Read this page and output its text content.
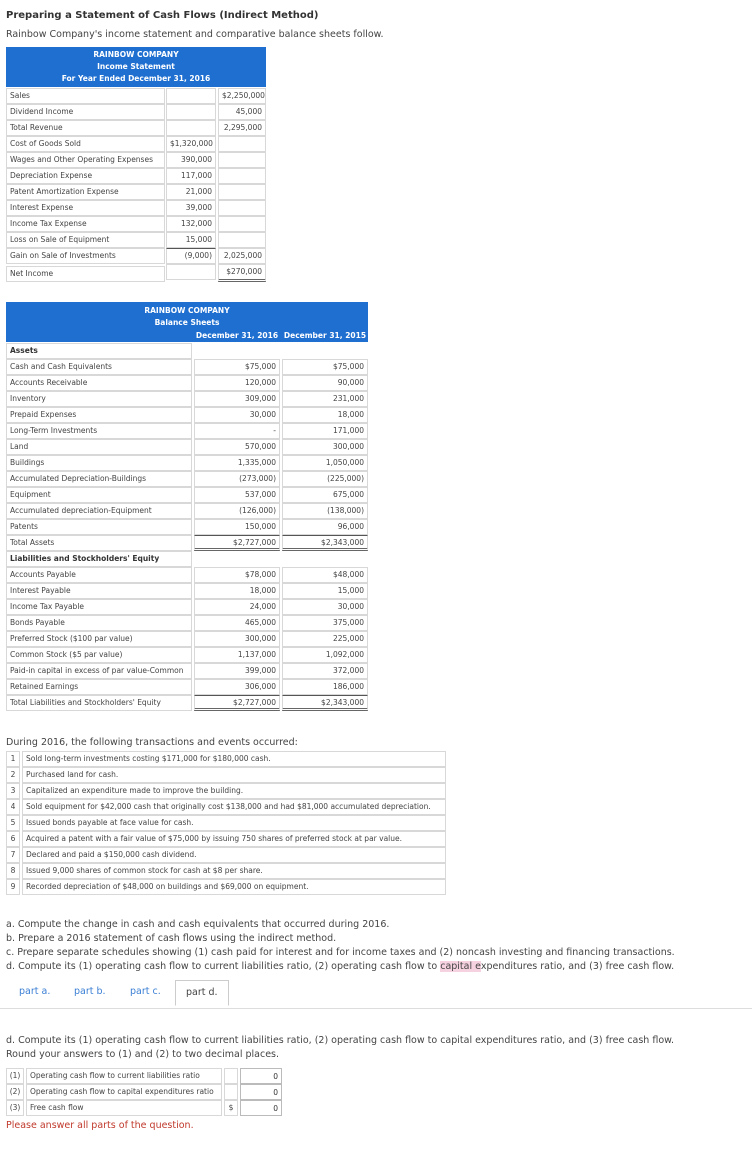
Preparing a Statement of Cash Flows (Indirect Method)
Rainbow Company's income statement and comparative balance sheets follow.
RAINBOW COMPANY
Income Statement
For Year Ended December 31, 2016
Sales	$2,250,000
Dividend Income	45,000
Total Revenue	2,295,000
Cost of Goods Sold	$1,320,000
Wages and Other Operating Expenses	390,000
Depreciation Expense	117,000
Patent Amortization Expense	21,000
Interest Expense	39,000
Income Tax Expense	132,000
Loss on Sale of Equipment	15,000
Gain on Sale of Investments	(9,000)	2,025,000
Net Income	$270,000
RAINBOW COMPANY
Balance Sheets
December 31, 2016 December 31, 2015
Assets
Cash and Cash Equivalents	$75,000	$75,000
Accounts Receivable	120,000	90,000
Inventory	309,000	231,000
Prepaid Expenses	30,000	18,000
Long-Term Investments	-	171,000
Land	570,000	300,000
Buildings	1,335,000	1,050,000
Accumulated Depreciation-Buildings	(273,000)	(225,000)
Equipment	537,000	675,000
Accumulated depreciation-Equipment	(126,000)	(138,000)
Patents	150,000	96,000
Total Assets	$2,727,000	$2,343,000
Liabilities and Stockholders' Equity
Accounts Payable	$78,000	$48,000
Interest Payable	18,000	15,000
Income Tax Payable	24,000	30,000
Bonds Payable	465,000	375,000
Preferred Stock ($100 par value)	300,000	225,000
Common Stock ($5 par value)	1,137,000	1,092,000
Paid-in capital in excess of par value-Common	399,000	372,000
Retained Earnings	306,000	186,000
Total Liabilities and Stockholders' Equity	$2,727,000	$2,343,000
During 2016, the following transactions and events occurred:
1	Sold long-term investments costing $171,000 for $180,000 cash.
2	Purchased land for cash.
3	Capitalized an expenditure made to improve the building.
4	Sold equipment for $42,000 cash that originally cost $138,000 and had $81,000 accumulated depreciation.
5	Issued bonds payable at face value for cash.
6	Acquired a patent with a fair value of $75,000 by issuing 750 shares of preferred stock at par value.
7	Declared and paid a $150,000 cash dividend.
8	Issued 9,000 shares of common stock for cash at $8 per share.
9	Recorded depreciation of $48,000 on buildings and $69,000 on equipment.
a. Compute the change in cash and cash equivalents that occurred during 2016.
b. Prepare a 2016 statement of cash flows using the indirect method.
c. Prepare separate schedules showing (1) cash paid for interest and for income taxes and (2) noncash investing and financing transactions.
d. Compute its (1) operating cash flow to current liabilities ratio, (2) operating cash flow to capital expenditures ratio, and (3) free cash flow.
part a. part b.	part c.	part d.
d. Compute its (1) operating cash flow to current liabilities ratio, (2) operating cash flow to capital expenditures ratio, and (3) free cash flow.
Round your answers to (1) and (2) to two decimal places.
(1)	Operating cash flow to current liabilities ratio
0
(2)	Operating cash flow to capital expenditures ratio
0
(3)	Free cash flow	$
0
Please answer all parts of the question.
